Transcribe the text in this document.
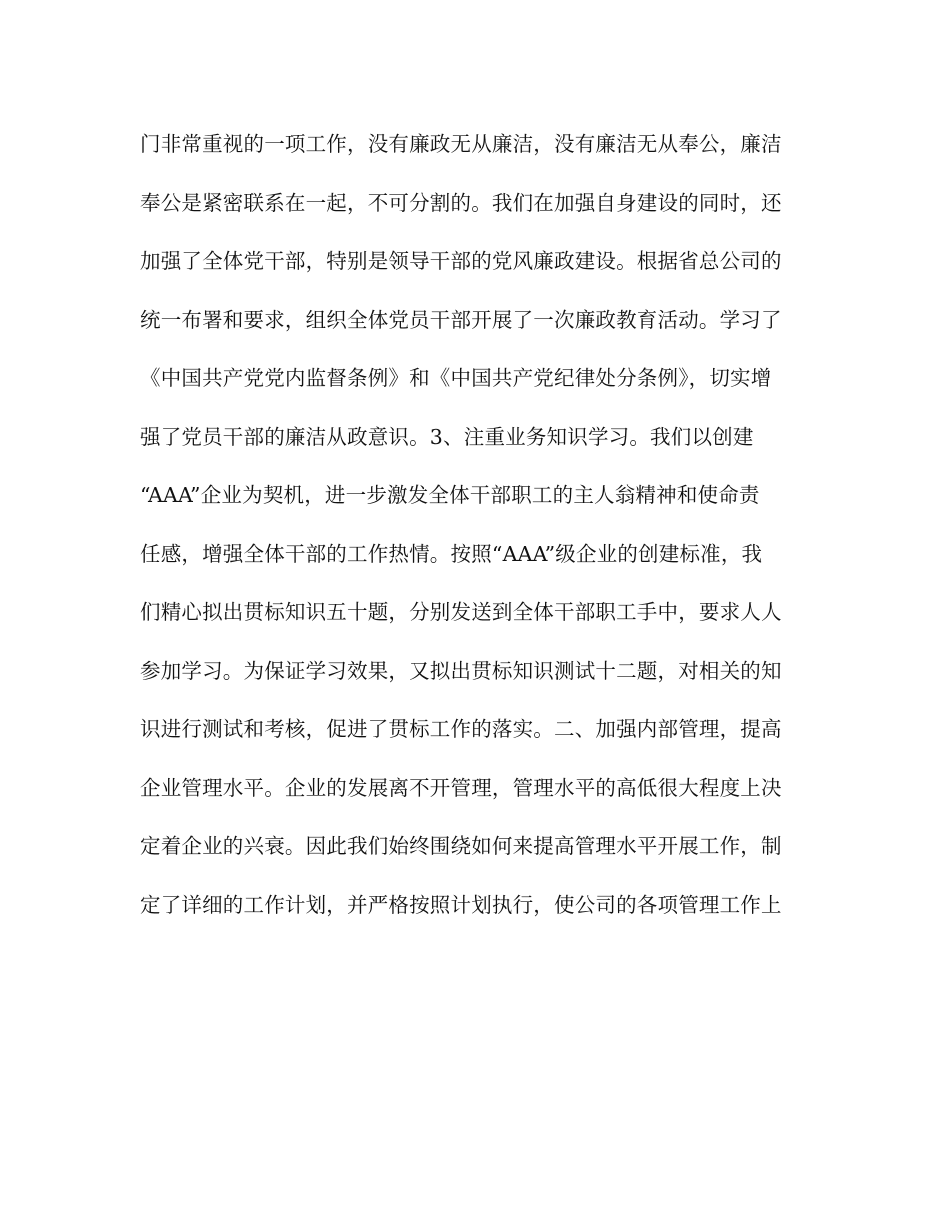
门非常重视的一项工作，没有廉政无从廉洁，没有廉洁无从奉公，廉洁
奉公是紧密联系在一起，不可分割的。我们在加强自身建设的同时，还
加强了全体党干部，特别是领导干部的党风廉政建设。根据省总公司的
统一布署和要求，组织全体党员干部开展了一次廉政教育活动。学习了
《中国共产党党内监督条例》和《中国共产党纪律处分条例》，切实增
强了党员干部的廉洁从政意识。3、注重业务知识学习。我们以创建
“AAA”企业为契机，进一步激发全体干部职工的主人翁精神和使命责
任感，增强全体干部的工作热情。按照“AAA”级企业的创建标准，我
们精心拟出贯标知识五十题，分别发送到全体干部职工手中，要求人人
参加学习。为保证学习效果，又拟出贯标知识测试十二题，对相关的知
识进行测试和考核，促进了贯标工作的落实。二、加强内部管理，提高
企业管理水平。企业的发展离不开管理，管理水平的高低很大程度上决
定着企业的兴衰。因此我们始终围绕如何来提高管理水平开展工作，制
定了详细的工作计划，并严格按照计划执行，使公司的各项管理工作上
